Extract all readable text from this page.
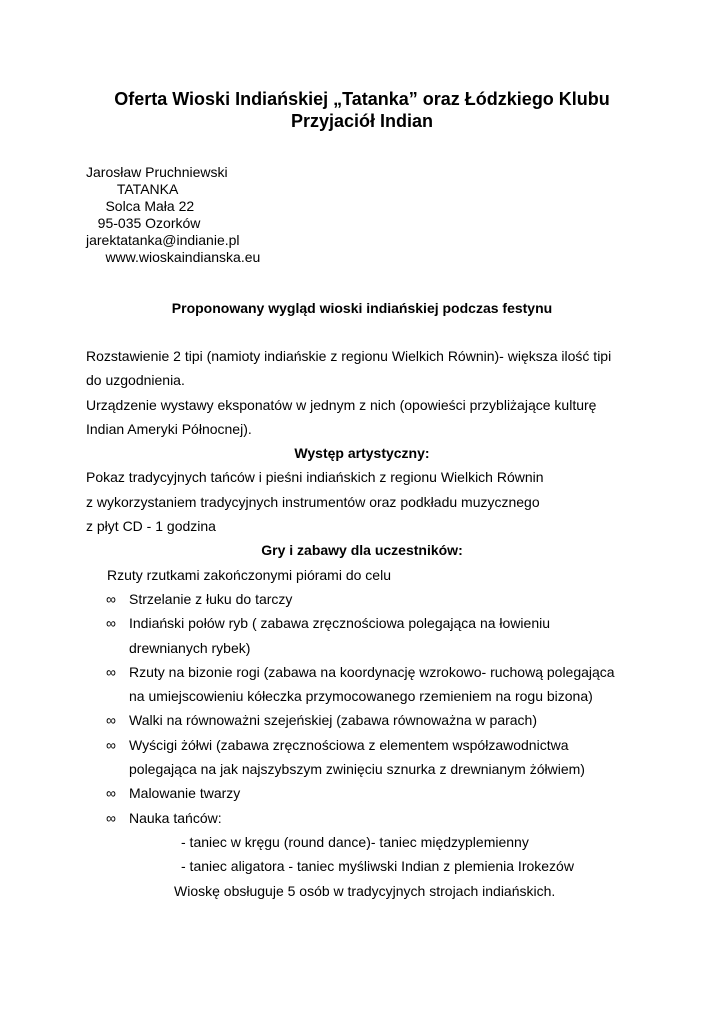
Oferta Wioski Indiańskiej „Tatanka” oraz Łódzkiego Klubu
Przyjaciół Indian
Jarosław Pruchniewski
TATANKA
Solca Mała 22
95-035 Ozorków
jarektatanka@indianie.pl
www.wioskaindianska.eu
Proponowany wygląd wioski indiańskiej podczas festynu
Rozstawienie 2 tipi (namioty indiańskie z regionu Wielkich Równin)- większa ilość tipi
do uzgodnienia.
Urządzenie wystawy eksponatów w jednym z nich (opowieści przybliżające kulturę
Indian Ameryki Północnej).
Występ artystyczny:
Pokaz tradycyjnych tańców i pieśni indiańskich z regionu Wielkich Równin
z wykorzystaniem tradycyjnych instrumentów oraz podkładu muzycznego
z płyt CD - 1 godzina
Gry i zabawy dla uczestników:
Rzuty rzutkami zakończonymi piórami do celu
∞ Strzelanie z łuku do tarczy
∞ Indiański połów ryb ( zabawa zręcznościowa polegająca na łowieniu
drewnianych rybek)
∞ Rzuty na bizonie rogi (zabawa na koordynację wzrokowo- ruchową polegająca
na umiejscowieniu kółeczka przymocowanego rzemieniem na rogu bizona)
∞ Walki na równoważni szejeńskiej (zabawa równoważna w parach)
∞ Wyścigi żółwi (zabawa zręcznościowa z elementem współzawodnictwa
polegająca na jak najszybszym zwinięciu sznurka z drewnianym żółwiem)
∞ Malowanie twarzy
∞ Nauka tańców:
- taniec w kręgu (round dance)- taniec międzyplemienny
- taniec aligatora - taniec myśliwski Indian z plemienia Irokezów
Wioskę obsługuje 5 osób w tradycyjnych strojach indiańskich.
